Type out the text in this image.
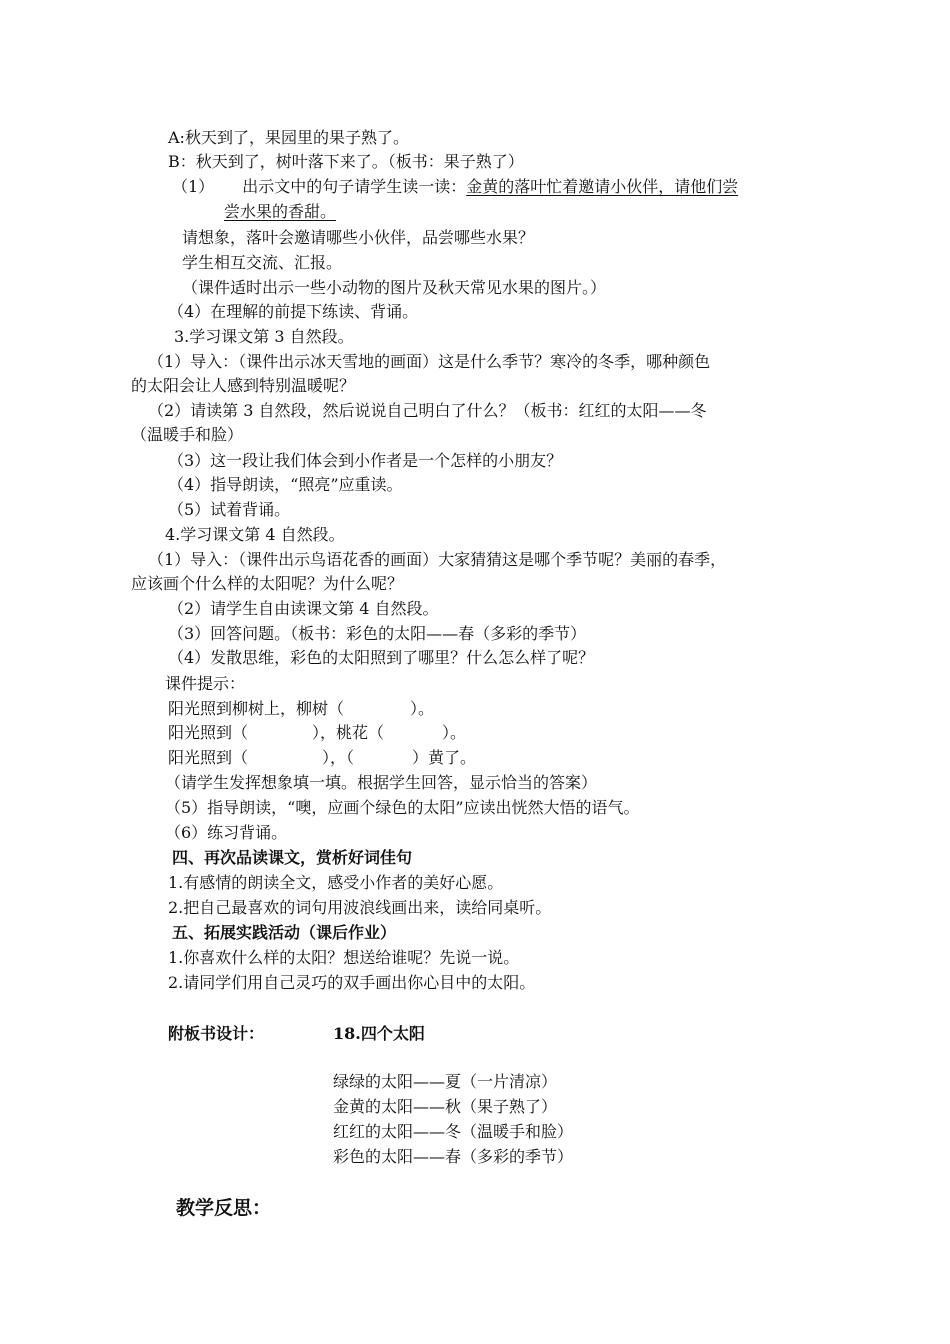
A:秋天到了，果园里的果子熟了。
B：秋天到了，树叶落下来了。（板书：果子熟了）
（1） 出示文中的句子请学生读一读：金黄的落叶忙着邀请小伙伴，请他们尝
尝水果的香甜。
请想象，落叶会邀请哪些小伙伴，品尝哪些水果？
学生相互交流、汇报。
（课件适时出示一些小动物的图片及秋天常见水果的图片。）
（4）在理解的前提下练读、背诵。
3.学习课文第 3 自然段。
（1）导入：（课件出示冰天雪地的画面）这是什么季节？寒冷的冬季，哪种颜色
的太阳会让人感到特别温暖呢？
（2）请读第 3 自然段，然后说说自己明白了什么？（板书：红红的太阳——冬
（温暖手和脸）
（3）这一段让我们体会到小作者是一个怎样的小朋友？
（4）指导朗读，“照亮”应重读。
（5）试着背诵。
4.学习课文第 4 自然段。
（1）导入：（课件出示鸟语花香的画面）大家猜猜这是哪个季节呢？美丽的春季，
应该画个什么样的太阳呢？为什么呢？
（2）请学生自由读课文第 4 自然段。
（3）回答问题。（板书：彩色的太阳——春（多彩的季节）
（4）发散思维，彩色的太阳照到了哪里？什么怎么样了呢？
课件提示：
阳光照到柳树上，柳树（	）。
阳光照到（	），桃花（	）。
阳光照到（	），（	）黄了。
（请学生发挥想象填一填。根据学生回答，显示恰当的答案）
（5）指导朗读，“噢，应画个绿色的太阳”应读出恍然大悟的语气。
（6）练习背诵。
四、再次品读课文，赏析好词佳句
1.有感情的朗读全文，感受小作者的美好心愿。
2.把自己最喜欢的词句用波浪线画出来，读给同桌听。
五、拓展实践活动（课后作业）
1.你喜欢什么样的太阳？想送给谁呢？先说一说。
2.请同学们用自己灵巧的双手画出你心目中的太阳。
附板书设计：	18.四个太阳
绿绿的太阳——夏（一片清凉）
金黄的太阳——秋（果子熟了）
红红的太阳——冬（温暖手和脸）
彩色的太阳——春（多彩的季节）
教学反思：
